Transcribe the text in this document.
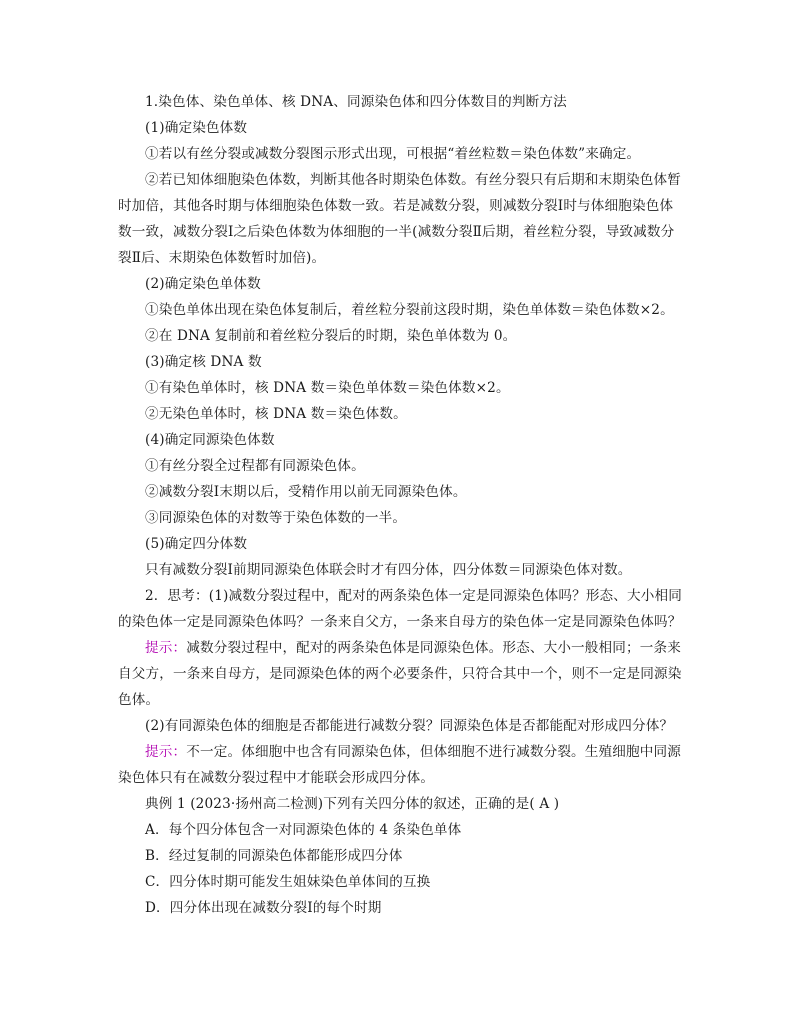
1.染色体、染色单体、核 DNA、同源染色体和四分体数目的判断方法
(1)确定染色体数
①若以有丝分裂或减数分裂图示形式出现，可根据“着丝粒数＝染色体数”来确定。
②若已知体细胞染色体数，判断其他各时期染色体数。有丝分裂只有后期和末期染色体暂
时加倍，其他各时期与体细胞染色体数一致。若是减数分裂，则减数分裂Ⅰ时与体细胞染色体
数一致，减数分裂Ⅰ之后染色体数为体细胞的一半(减数分裂Ⅱ后期，着丝粒分裂，导致减数分
裂Ⅱ后、末期染色体数暂时加倍)。
(2)确定染色单体数
①染色单体出现在染色体复制后，着丝粒分裂前这段时期，染色单体数＝染色体数×2。
②在 DNA 复制前和着丝粒分裂后的时期，染色单体数为 0。
(3)确定核 DNA 数
①有染色单体时，核 DNA 数＝染色单体数＝染色体数×2。
②无染色单体时，核 DNA 数＝染色体数。
(4)确定同源染色体数
①有丝分裂全过程都有同源染色体。
②减数分裂Ⅰ末期以后，受精作用以前无同源染色体。
③同源染色体的对数等于染色体数的一半。
(5)确定四分体数
只有减数分裂Ⅰ前期同源染色体联会时才有四分体，四分体数＝同源染色体对数。
2．思考：(1)减数分裂过程中，配对的两条染色体一定是同源染色体吗？形态、大小相同
的染色体一定是同源染色体吗？一条来自父方，一条来自母方的染色体一定是同源染色体吗？
提示：减数分裂过程中，配对的两条染色体是同源染色体。形态、大小一般相同；一条来
自父方，一条来自母方，是同源染色体的两个必要条件，只符合其中一个，则不一定是同源染
色体。
(2)有同源染色体的细胞是否都能进行减数分裂？同源染色体是否都能配对形成四分体？
提示：不一定。体细胞中也含有同源染色体，但体细胞不进行减数分裂。生殖细胞中同源
染色体只有在减数分裂过程中才能联会形成四分体。
典例 1 (2023·扬州高二检测)下列有关四分体的叙述，正确的是( A )
A．每个四分体包含一对同源染色体的 4 条染色单体
B．经过复制的同源染色体都能形成四分体
C．四分体时期可能发生姐妹染色单体间的互换
D．四分体出现在减数分裂Ⅰ的每个时期
